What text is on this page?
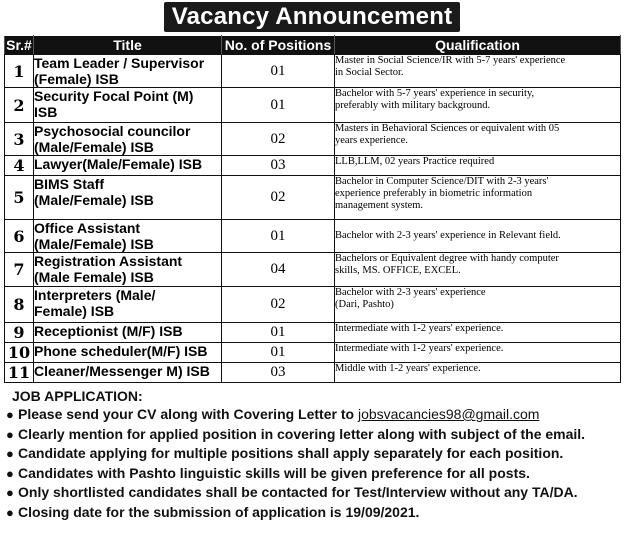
Vacancy Announcement
Sr.#	Title	No. of Positions	Qualification
1	Team Leader / Supervisor
(Female) ISB	01	Master in Social Science/IR with 5-7 years' experience
in Social Sector.

2	Security Focal Point (M)
ISB	01	Bachelor with 5-7 years' experience in security,
preferably with military background.

3	Psychosocial councilor
(Male/Female) ISB	02	Masters in Behavioral Sciences or equivalent with 05
years experience.

4	Lawyer(Male/Female) ISB	03	LLB,LLM, 02 years Practice required

5	BIMS Staff
(Male/Female) ISB	02	Bachelor in Computer Science/DIT with 2-3 years'
experience preferably in biometric information
management system.

6	Office Assistant
(Male/Female) ISB	01	Bachelor with 2-3 years' experience in Relevant field.

7	Registration Assistant
(Male Female) ISB	04	Bachelors or Equivalent degree with handy computer
skills, MS. OFFICE, EXCEL.

8	Interpreters (Male/
Female) ISB	02	Bachelor with 2-3 years' experience
(Dari, Pashto)

9	Receptionist (M/F) ISB	01	Intermediate with 1-2 years' experience.

10	Phone scheduler(M/F) ISB	01	Intermediate with 1-2 years' experience.

11	Cleaner/Messenger M) ISB	03	Middle with 1-2 years' experience.
JOB APPLICATION:
● Please send your CV along with Covering Letter to jobsvacancies98@gmail.com
● Clearly mention for applied position in covering letter along with subject of the email.
● Candidate applying for multiple positions shall apply separately for each position.
● Candidates with Pashto linguistic skills will be given preference for all posts.
● Only shortlisted candidates shall be contacted for Test/Interview without any TA/DA.
● Closing date for the submission of application is 19/09/2021.
